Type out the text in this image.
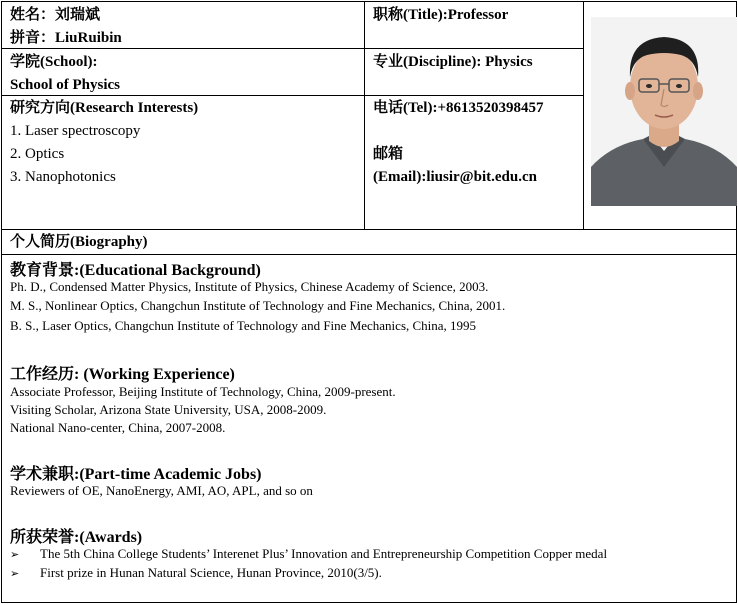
姓名：刘瑞斌
拼音：LiuRuibin
职称(Title):Professor
学院(School):
School of Physics
专业(Discipline): Physics
研究方向(Research Interests)
1. Laser spectroscopy
2. Optics
3. Nanophotonics
电话(Tel):+8613520398457
邮箱
(Email):liusir@bit.edu.cn
个人简历(Biography)
教育背景:(Educational Background)
Ph. D., Condensed Matter Physics, Institute of Physics, Chinese Academy of Science, 2003.
M. S., Nonlinear Optics, Changchun Institute of Technology and Fine Mechanics, China, 2001.
B. S., Laser Optics, Changchun Institute of Technology and Fine Mechanics, China, 1995
工作经历: (Working Experience)
Associate Professor, Beijing Institute of Technology, China, 2009-present.
Visiting Scholar, Arizona State University, USA, 2008-2009.
National Nano-center, China, 2007-2008.
学术兼职:(Part-time Academic Jobs)
Reviewers of OE, NanoEnergy, AMI, AO, APL, and so on
所获荣誉:(Awards)
➢ The 5th China College Students’ Interenet Plus’ Innovation and Entrepreneurship Competition Copper medal
➢ First prize in Hunan Natural Science, Hunan Province, 2010(3/5).
